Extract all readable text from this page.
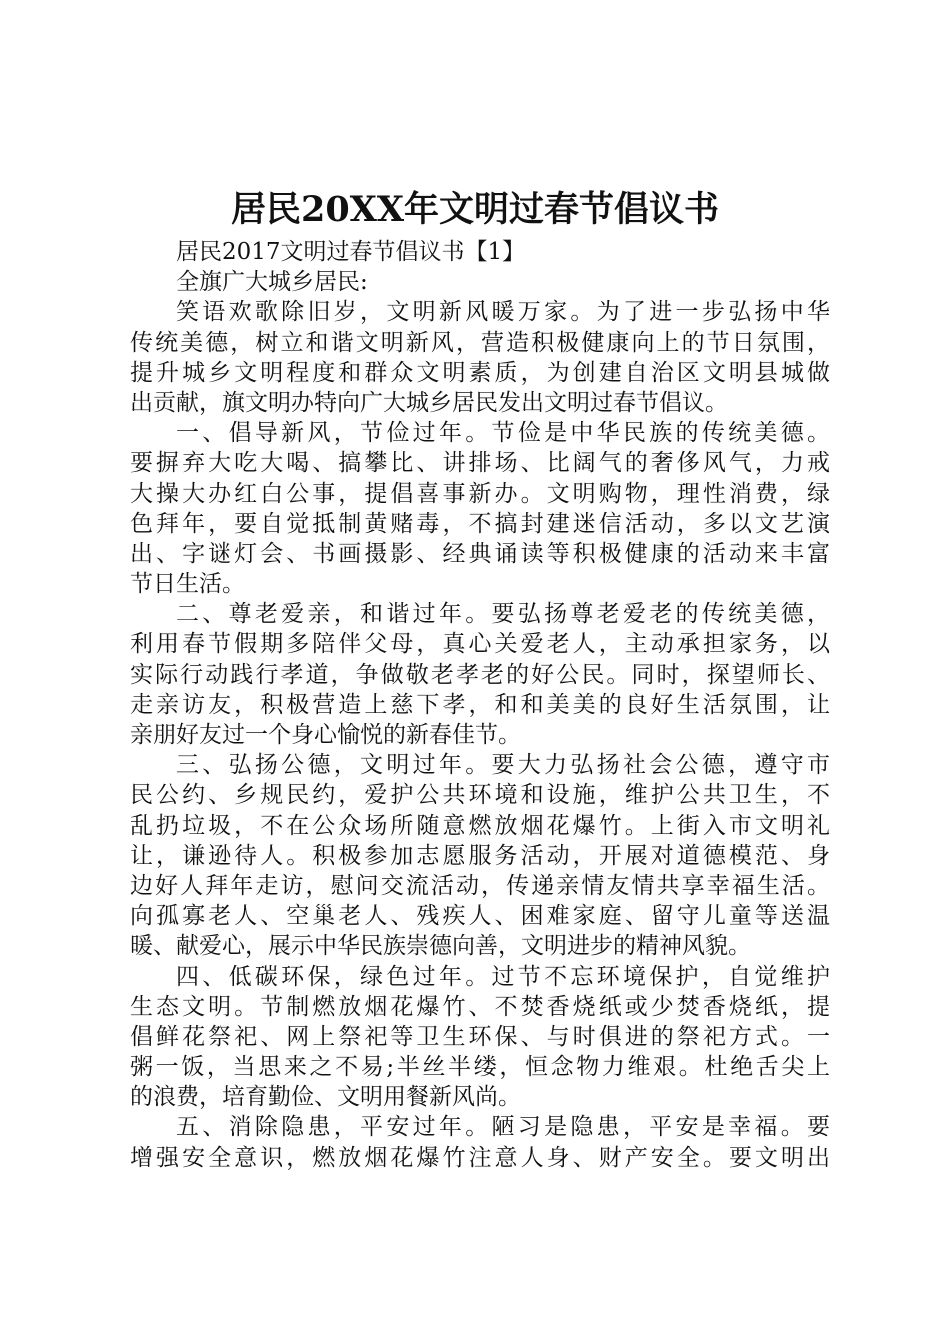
居民20XX年文明过春节倡议书
居民2017文明过春节倡议书【1】
全旗广大城乡居民:
笑语欢歌除旧岁，文明新风暖万家。为了进一步弘扬中华
传统美德，树立和谐文明新风，营造积极健康向上的节日氛围，
提升城乡文明程度和群众文明素质，为创建自治区文明县城做
出贡献，旗文明办特向广大城乡居民发出文明过春节倡议。
一、倡导新风，节俭过年。节俭是中华民族的传统美德。
要摒弃大吃大喝、搞攀比、讲排场、比阔气的奢侈风气，力戒
大操大办红白公事，提倡喜事新办。文明购物，理性消费，绿
色拜年，要自觉抵制黄赌毒，不搞封建迷信活动，多以文艺演
出、字谜灯会、书画摄影、经典诵读等积极健康的活动来丰富
节日生活。
二、尊老爱亲，和谐过年。要弘扬尊老爱老的传统美德，
利用春节假期多陪伴父母，真心关爱老人，主动承担家务，以
实际行动践行孝道，争做敬老孝老的好公民。同时，探望师长、
走亲访友，积极营造上慈下孝，和和美美的良好生活氛围，让
亲朋好友过一个身心愉悦的新春佳节。
三、弘扬公德，文明过年。要大力弘扬社会公德，遵守市
民公约、乡规民约，爱护公共环境和设施，维护公共卫生，不
乱扔垃圾，不在公众场所随意燃放烟花爆竹。上街入市文明礼
让，谦逊待人。积极参加志愿服务活动，开展对道德模范、身
边好人拜年走访，慰问交流活动，传递亲情友情共享幸福生活。
向孤寡老人、空巢老人、残疾人、困难家庭、留守儿童等送温
暖、献爱心，展示中华民族崇德向善，文明进步的精神风貌。
四、低碳环保，绿色过年。过节不忘环境保护，自觉维护
生态文明。节制燃放烟花爆竹、不焚香烧纸或少焚香烧纸，提
倡鲜花祭祀、网上祭祀等卫生环保、与时俱进的祭祀方式。一
粥一饭，当思来之不易;半丝半缕，恒念物力维艰。杜绝舌尖上
的浪费，培育勤俭、文明用餐新风尚。
五、消除隐患，平安过年。陋习是隐患，平安是幸福。要
增强安全意识，燃放烟花爆竹注意人身、财产安全。要文明出
